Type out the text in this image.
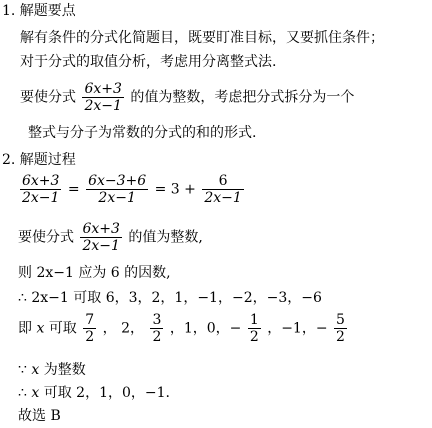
1. 解题要点
解有条件的分式化简题目，既要盯准目标，又要抓住条件；
对于分式的取值分析，考虑用分离整式法.
要使分式 $\frac{6x+3}{2x-1}$ 的值为整数，考虑把分式拆分为一个
整式与分子为常数的分式的和的形式.
2. 解题过程
$\frac{6x+3}{2x-1} = \frac{6x-3+6}{2x-1} = 3 + \frac{6}{2x-1}$
要使分式 $\frac{6x+3}{2x-1}$ 的值为整数,
则 2x−1 应为 6 的因数,
∴ 2x−1 可取 6，3，2，1，−1，−2，−3，−6
即 x 可取 $\frac{7}{2}$ ， 2， $\frac{3}{2}$ ，1，0，− $\frac{1}{2}$ ，−1，− $\frac{5}{2}$
∵ x 为整数
∴ x 可取 2，1，0，−1.
故选 B
